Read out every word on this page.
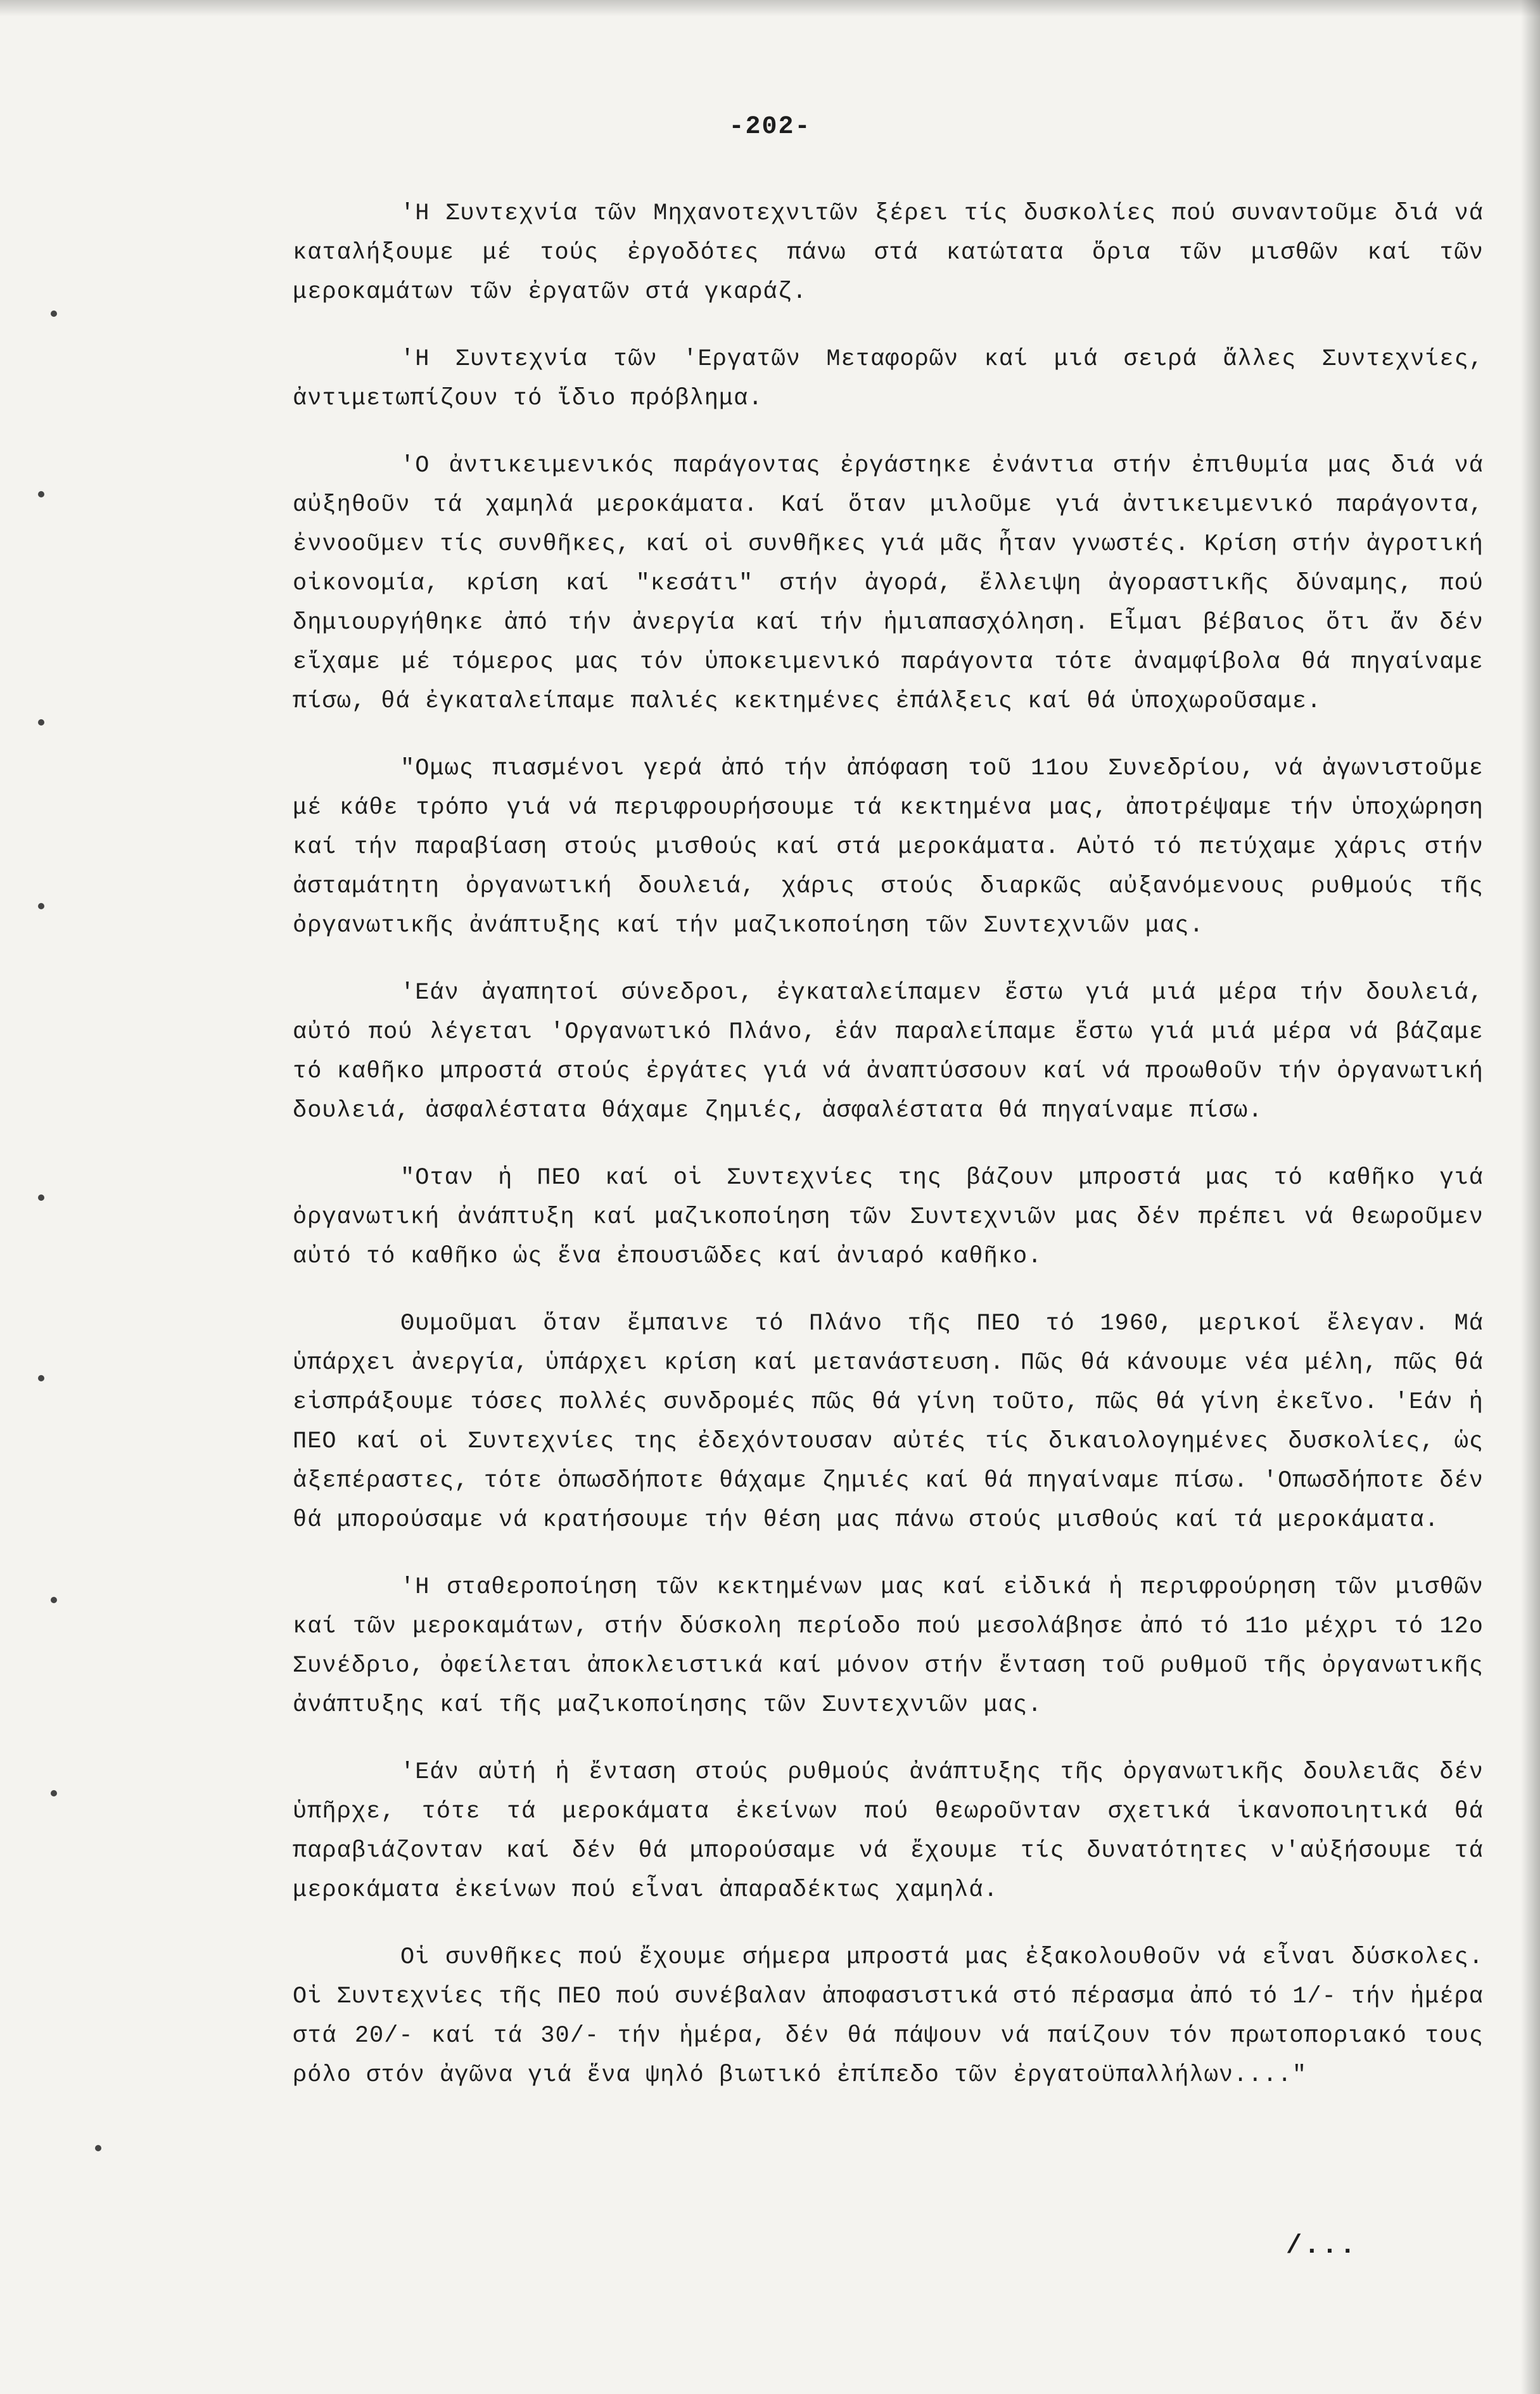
-202-

'Η Συντεχνία τῶν Μηχανοτεχνιτῶν ξέρει τίς δυσκολίες πού συναντοῦμε διά νά καταλήξουμε μέ τούς ἐργοδότες πάνω στά κατώτατα ὅρια τῶν μισθῶν καί τῶν μεροκαμάτων τῶν ἐργατῶν στά γκαράζ.

'Η Συντεχνία τῶν 'Εργατῶν Μεταφορῶν καί μιά σειρά ἄλλες Συντεχνίες, ἀντιμετωπίζουν τό ἴδιο πρόβλημα.

'Ο ἀντικειμενικός παράγοντας ἐργάστηκε ἐνάντια στήν ἐπιθυμία μας διά νά αὐξηθοῦν τά χαμηλά μεροκάματα. Καί ὅταν μιλοῦμε γιά ἀντικειμενικό παράγοντα, ἐννοοῦμεν τίς συνθῆκες, καί οἱ συνθῆκες γιά μᾶς ἦταν γνωστές. Κρίση στήν ἀγροτική οἰκονομία, κρίση καί "κεσάτι" στήν ἀγορά, ἔλλειψη ἀγοραστικῆς δύναμης, πού δημιουργήθηκε ἀπό τήν ἀνεργία καί τήν ἡμιαπασχόληση. Εἶμαι βέβαιος ὅτι ἄν δέν εἴχαμε μέ τόμερος μας τόν ὑποκειμενικό παράγοντα τότε ἀναμφίβολα θά πηγαίναμε πίσω, θά ἐγκαταλείπαμε παλιές κεκτημένες ἐπάλξεις καί θά ὑποχωροῦσαμε.

"Ομως πιασμένοι γερά ἀπό τήν ἀπόφαση τοῦ 11ου Συνεδρίου, νά ἀγωνιστοῦμε μέ κάθε τρόπο γιά νά περιφρουρήσουμε τά κεκτημένα μας, ἀποτρέψαμε τήν ὑποχώρηση καί τήν παραβίαση στούς μισθούς καί στά μεροκάματα. Αὐτό τό πετύχαμε χάρις στήν ἀσταμάτητη ὀργανωτική δουλειά, χάρις στούς διαρκῶς αὐξανόμενους ρυθμούς τῆς ὀργανωτικῆς ἀνάπτυξης καί τήν μαζικοποίηση τῶν Συντεχνιῶν μας.

'Εάν ἀγαπητοί σύνεδροι, ἐγκαταλείπαμεν ἔστω γιά μιά μέρα τήν δουλειά, αὐτό πού λέγεται 'Οργανωτικό Πλάνο, ἐάν παραλείπαμε ἔστω γιά μιά μέρα νά βάζαμε τό καθῆκο μπροστά στούς ἐργάτες γιά νά ἀναπτύσσουν καί νά προωθοῦν τήν ὀργανωτική δουλειά, ἀσφαλέστατα θάχαμε ζημιές, ἀσφαλέστατα θά πηγαίναμε πίσω.

"Οταν ἡ ΠΕΟ καί οἱ Συντεχνίες της βάζουν μπροστά μας τό καθῆκο γιά ὀργανωτική ἀνάπτυξη καί μαζικοποίηση τῶν Συντεχνιῶν μας δέν πρέπει νά θεωροῦμεν αὐτό τό καθῆκο ὡς ἕνα ἐπουσιῶδες καί ἀνιαρό καθῆκο.

Θυμοῦμαι ὅταν ἔμπαινε τό Πλάνο τῆς ΠΕΟ τό 1960, μερικοί ἔλεγαν. Μά ὑπάρχει ἀνεργία, ὑπάρχει κρίση καί μετανάστευση. Πῶς θά κάνουμε νέα μέλη, πῶς θά εἰσπράξουμε τόσες πολλές συνδρομές πῶς θά γίνη τοῦτο, πῶς θά γίνη ἐκεῖνο. 'Εάν ἡ ΠΕΟ καί οἱ Συντεχνίες της ἐδεχόντουσαν αὐτές τίς δικαιολογημένες δυσκολίες, ὡς ἀξεπέραστες, τότε ὁπωσδήποτε θάχαμε ζημιές καί θά πηγαίναμε πίσω. 'Οπωσδήποτε δέν θά μπορούσαμε νά κρατήσουμε τήν θέση μας πάνω στούς μισθούς καί τά μεροκάματα.

'Η σταθεροποίηση τῶν κεκτημένων μας καί εἰδικά ἡ περιφρούρηση τῶν μισθῶν καί τῶν μεροκαμάτων, στήν δύσκολη περίοδο πού μεσολάβησε ἀπό τό 11ο μέχρι τό 12ο Συνέδριο, ὀφείλεται ἀποκλειστικά καί μόνον στήν ἔνταση τοῦ ρυθμοῦ τῆς ὀργανωτικῆς ἀνάπτυξης καί τῆς μαζικοποίησης τῶν Συντεχνιῶν μας.

'Εάν αὐτή ἡ ἔνταση στούς ρυθμούς ἀνάπτυξης τῆς ὀργανωτικῆς δουλειᾶς δέν ὑπῆρχε, τότε τά μεροκάματα ἐκείνων πού θεωροῦνταν σχετικά ἱκανοποιητικά θά παραβιάζονταν καί δέν θά μπορούσαμε νά ἔχουμε τίς δυνατότητες ν'αὐξήσουμε τά μεροκάματα ἐκείνων πού εἶναι ἀπαραδέκτως χαμηλά.

Οἱ συνθῆκες πού ἔχουμε σήμερα μπροστά μας ἐξακολουθοῦν νά εἶναι δύσκολες. Οἱ Συντεχνίες τῆς ΠΕΟ πού συνέβαλαν ἀποφασιστικά στό πέρασμα ἀπό τό 1/- τήν ἡμέρα στά 20/- καί τά 30/- τήν ἡμέρα, δέν θά πάψουν νά παίζουν τόν πρωτοποριακό τους ρόλο στόν ἀγῶνα γιά ἕνα ψηλό βιωτικό ἐπίπεδο τῶν ἐργατοϋπαλλήλων...."

/...
